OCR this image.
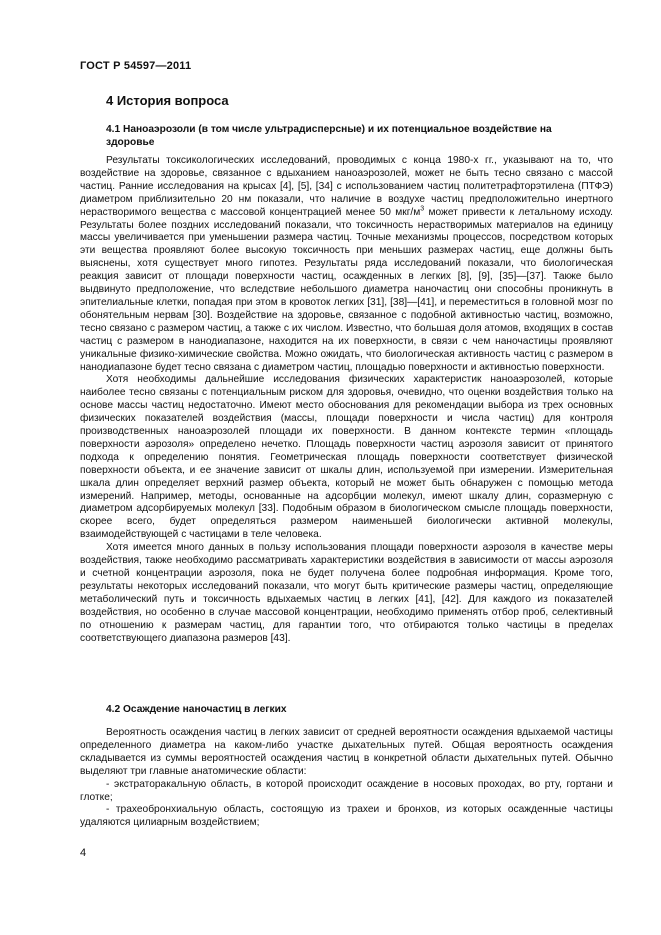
ГОСТ Р 54597—2011
4 История вопроса
4.1 Наноаэрозоли (в том числе ультрадисперсные) и их потенциальное воздействие на здоровье

Результаты токсикологических исследований, проводимых с конца 1980-х гг., указывают на то, что воздействие на здоровье, связанное с вдыханием наноаэрозолей, может не быть тесно связано с массой частиц. Ранние исследования на крысах [4], [5], [34] с использованием частиц политетрафторэтилена (ПТФЭ) диаметром приблизительно 20 нм показали, что наличие в воздухе частиц предположительно инертного нерастворимого вещества с массовой концентрацией менее 50 мкг/$м^3$ может привести к летальному исходу. Результаты более поздних исследований показали, что токсичность нерастворимых материалов на единицу массы увеличивается при уменьшении размера частиц. Точные механизмы процессов, посредством которых эти вещества проявляют более высокую токсичность при меньших размерах частиц, еще должны быть выяснены, хотя существует много гипотез. Результаты ряда исследований показали, что биологическая реакция зависит от площади поверхности частиц, осажденных в легких [8], [9], [35]—[37]. Также было выдвинуто предположение, что вследствие небольшого диаметра наночастиц они способны проникнуть в эпителиальные клетки, попадая при этом в кровоток легких [31], [38]—[41], и переместиться в головной мозг по обонятельным нервам [30]. Воздействие на здоровье, связанное с подобной активностью частиц, возможно, тесно связано с размером частиц, а также с их числом. Известно, что большая доля атомов, входящих в состав частиц с размером в нанодиапазоне, находится на их поверхности, в связи с чем наночастицы проявляют уникальные физико-химические свойства. Можно ожидать, что биологическая активность частиц с размером в нанодиапазоне будет тесно связана с диаметром частиц, площадью поверхности и активностью поверхности.

Хотя необходимы дальнейшие исследования физических характеристик наноаэрозолей, которые наиболее тесно связаны с потенциальным риском для здоровья, очевидно, что оценки воздействия только на основе массы частиц недостаточно. Имеют место обоснования для рекомендации выбора из трех основных физических показателей воздействия (массы, площади поверхности и числа частиц) для контроля производственных наноаэрозолей площади их поверхности. В данном контексте термин «площадь поверхности аэрозоля» определено нечетко. Площадь поверхности частиц аэрозоля зависит от принятого подхода к определению понятия. Геометрическая площадь поверхности соответствует физической поверхности объекта, и ее значение зависит от шкалы длин, используемой при измерении. Измерительная шкала длин определяет верхний размер объекта, который не может быть обнаружен с помощью метода измерений. Например, методы, основанные на адсорбции молекул, имеют шкалу длин, соразмерную с диаметром адсорбируемых молекул [33]. Подобным образом в биологическом смысле площадь поверхности, скорее всего, будет определяться размером наименьшей биологически активной молекулы, взаимодействующей с частицами в теле человека.

Хотя имеется много данных в пользу использования площади поверхности аэрозоля в качестве меры воздействия, также необходимо рассматривать характеристики воздействия в зависимости от массы аэрозоля и счетной концентрации аэрозоля, пока не будет получена более подробная информация. Кроме того, результаты некоторых исследований показали, что могут быть критические размеры частиц, определяющие метаболический путь и токсичность вдыхаемых частиц в легких [41], [42]. Для каждого из показателей воздействия, но особенно в случае массовой концентрации, необходимо применять отбор проб, селективный по отношению к размерам частиц, для гарантии того, что отбираются только частицы в пределах соответствующего диапазона размеров [43].

4.2 Осаждение наночастиц в легких

Вероятность осаждения частиц в легких зависит от средней вероятности осаждения вдыхаемой частицы определенного диаметра на каком-либо участке дыхательных путей. Общая вероятность осаждения складывается из суммы вероятностей осаждения частиц в конкретной области дыхательных путей. Обычно выделяют три главные анатомические области:

- экстраторакальную область, в которой происходит осаждение в носовых проходах, во рту, гортани и глотке;

- трахеобронхиальную область, состоящую из трахеи и бронхов, из которых осажденные частицы удаляются цилиарным воздействием;

4
